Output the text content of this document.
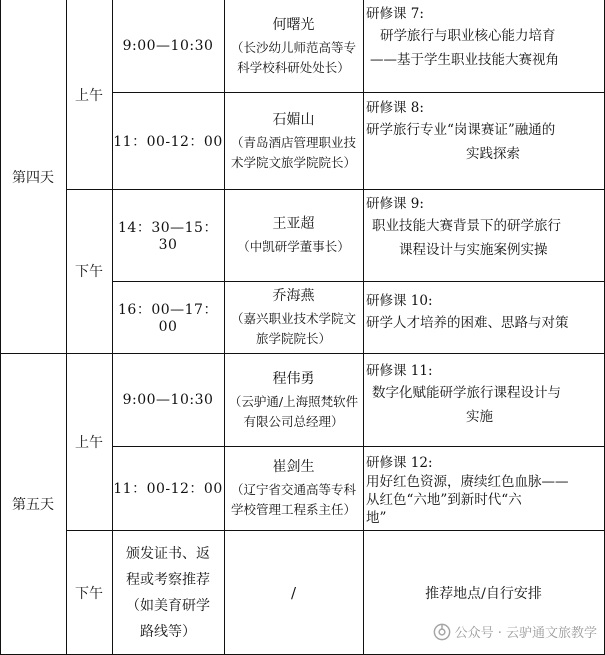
第四天
上午
下午
9:00—10:30
何曙光
（长沙幼儿师范高等专科学校科研处处长）
研修课 7:
研学旅行与职业核心能力培育
——基于学生职业技能大赛视角
11：00-12：00
石媚山
（青岛酒店管理职业技术学院文旅学院院长）
研修课 8:
研学旅行专业“岗课赛证”融通的
实践探索
14：30—15：30
王亚超
（中凯研学董事长）
研修课 9:
职业技能大赛背景下的研学旅行
课程设计与实施案例实操
16：00—17：00
乔海燕
（嘉兴职业技术学院文旅学院院长）
研修课 10:
研学人才培养的困难、思路与对策
第五天
上午
下午
9:00—10:30
程伟勇
（云驴通/上海照梵软件有限公司总经理）
研修课 11:
数字化赋能研学旅行课程设计与
实施
11：00-12：00
崔剑生
（辽宁省交通高等专科学校管理工程系主任）
研修课 12:
用好红色资源，赓续红色血脉——
从红色“六地”到新时代“六
地”
颁发证书、返程或考察推荐（如美育研学路线等）
/	推荐地点/自行安排
公众号 · 云驴通文旅教学
